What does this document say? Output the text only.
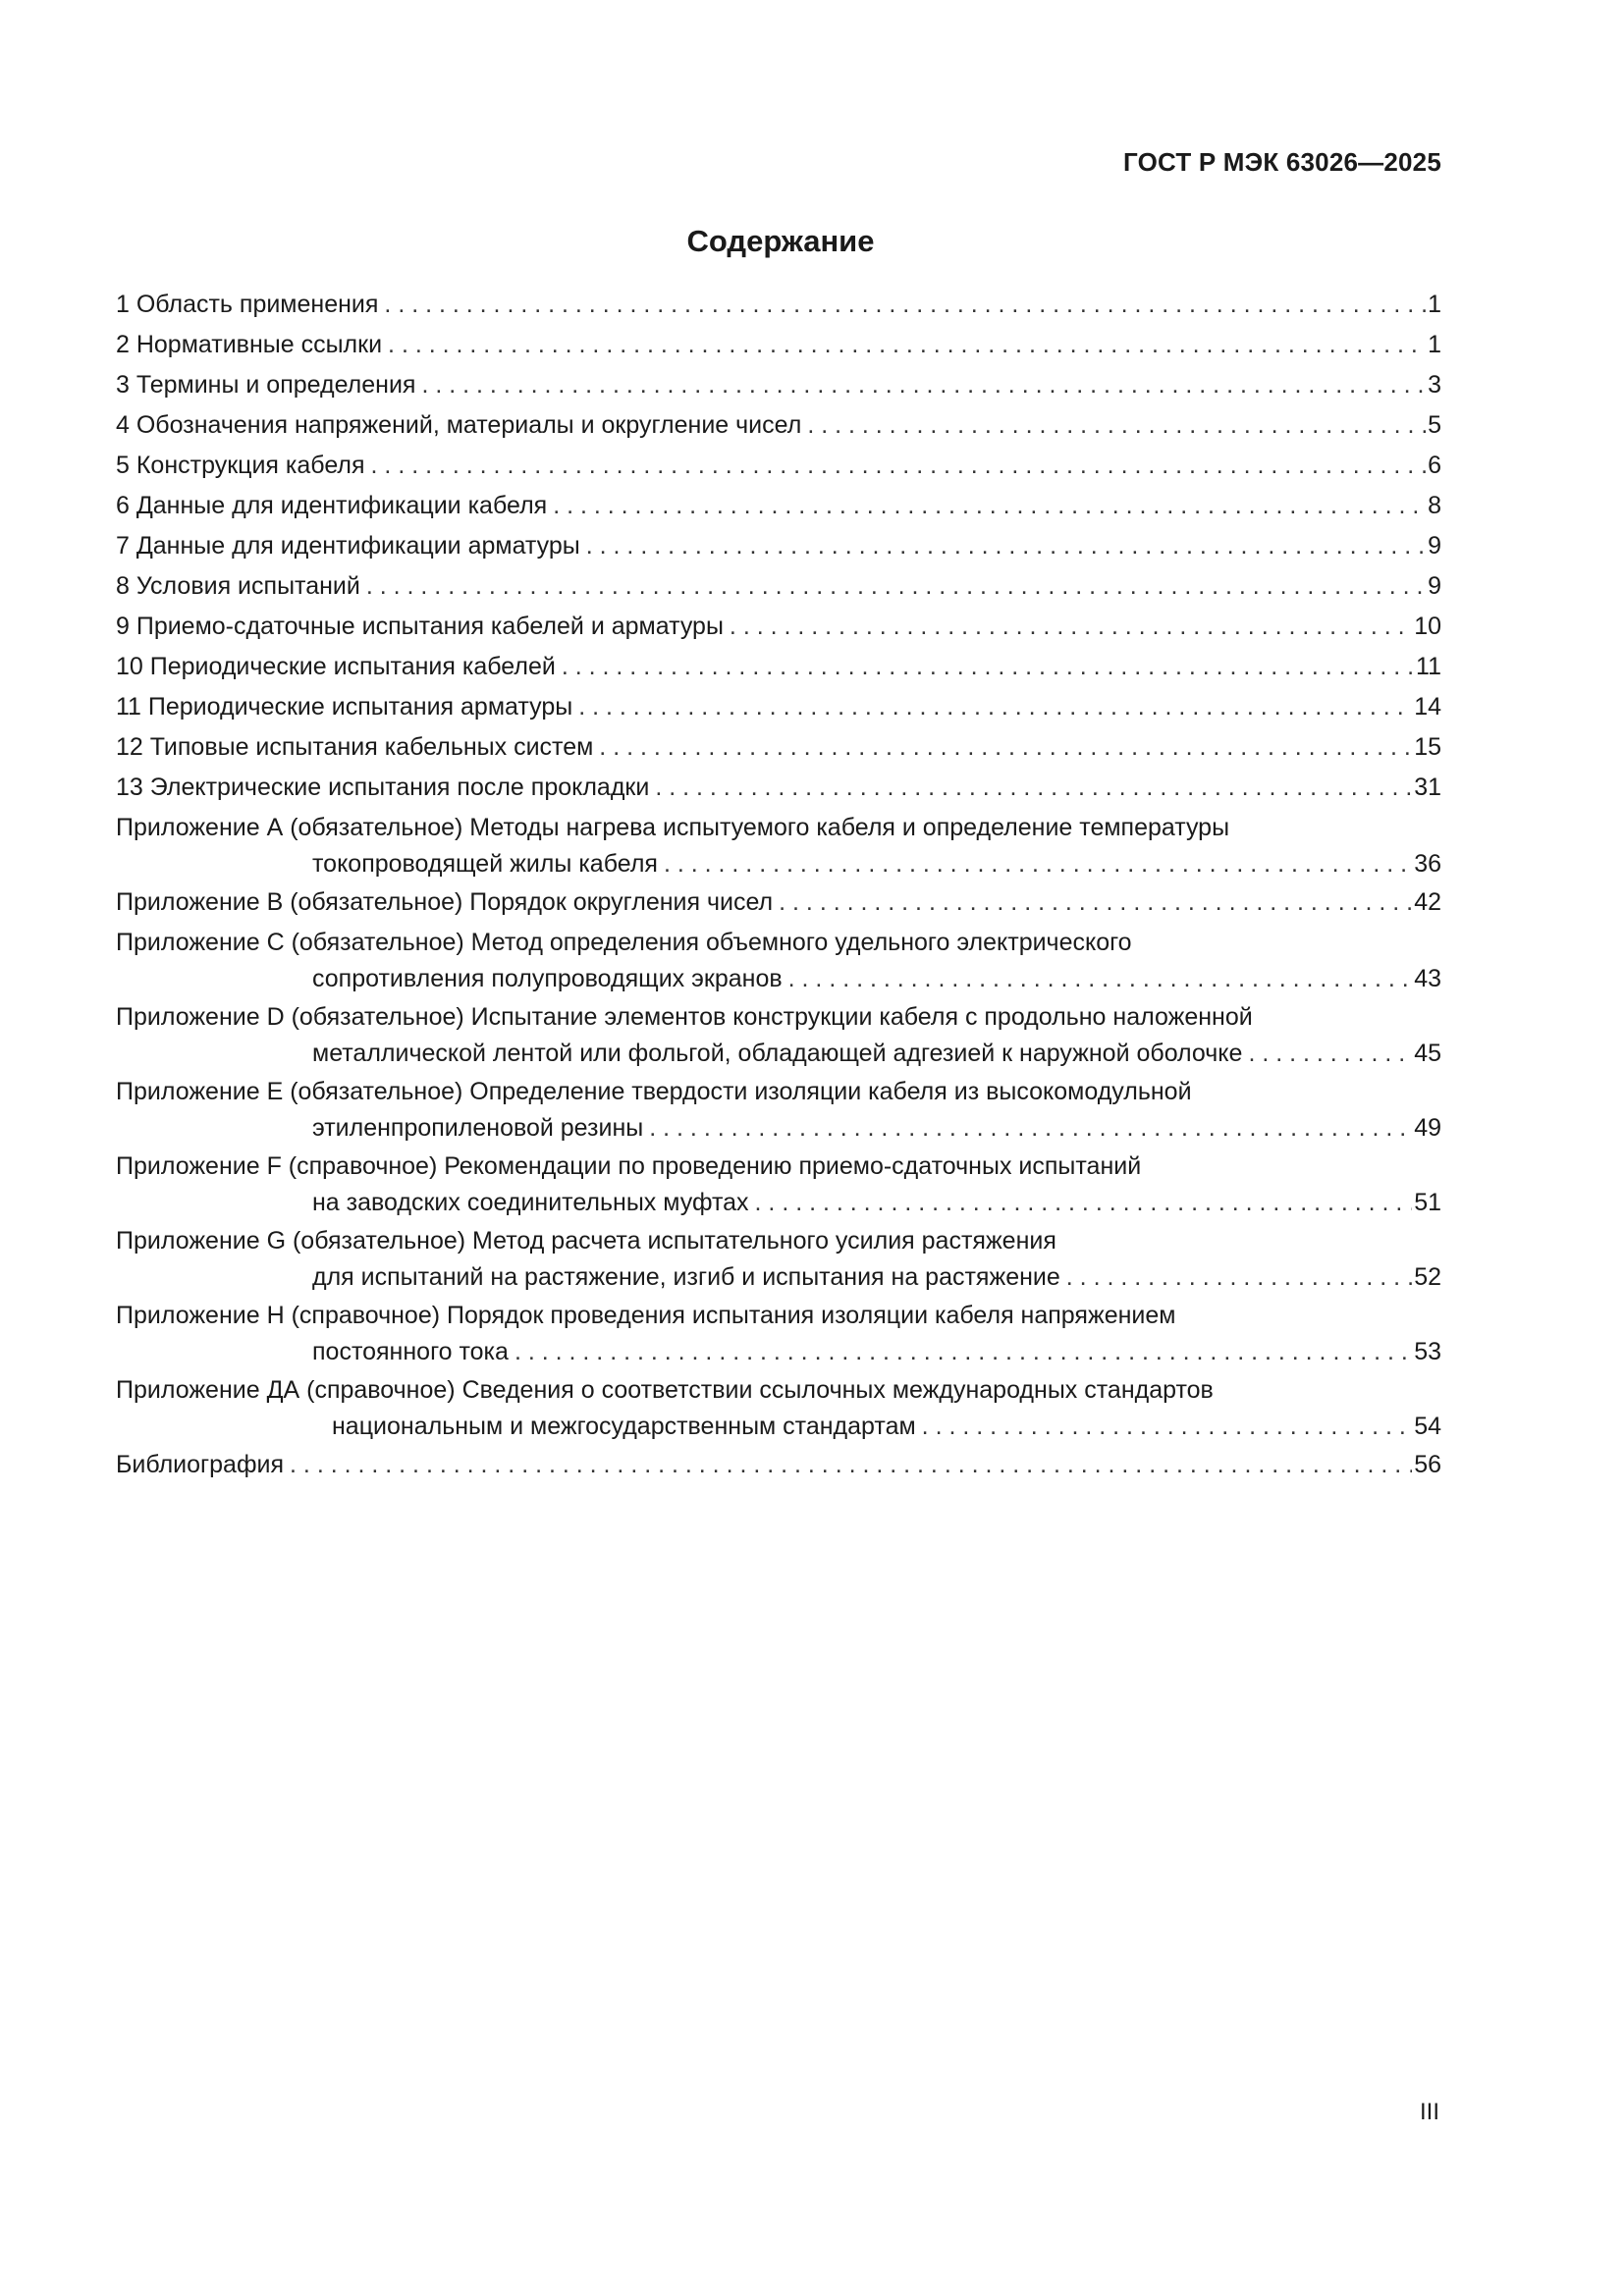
ГОСТ Р МЭК 63026—2025
Содержание
1 Область применения . . .	1
2 Нормативные ссылки . . .	1
3 Термины и определения . . .	3
4 Обозначения напряжений, материалы и округление чисел . . .	5
5 Конструкция кабеля . . .	6
6 Данные для идентификации кабеля . . .	8
7 Данные для идентификации арматуры . . .	9
8 Условия испытаний . . .	9
9 Приемо-сдаточные испытания кабелей и арматуры . . .	10
10 Периодические испытания кабелей . . .	11
11 Периодические испытания арматуры . . .	14
12 Типовые испытания кабельных систем . . .	15
13 Электрические испытания после прокладки . . .	31
Приложение А (обязательное) Методы нагрева испытуемого кабеля и определение температуры
токопроводящей жилы кабеля . . .	36
Приложение В (обязательное) Порядок округления чисел . . .	42
Приложение С (обязательное) Метод определения объемного удельного электрического
сопротивления полупроводящих экранов . . .	43
Приложение D (обязательное) Испытание элементов конструкции кабеля с продольно наложенной
металлической лентой или фольгой, обладающей адгезией к наружной оболочке . . .	45
Приложение Е (обязательное) Определение твердости изоляции кабеля из высокомодульной
этиленпропиленовой резины . . .	49
Приложение F (справочное) Рекомендации по проведению приемо-сдаточных испытаний
на заводских соединительных муфтах . . .	51
Приложение G (обязательное) Метод расчета испытательного усилия растяжения
для испытаний на растяжение, изгиб и испытания на растяжение . . .	52
Приложение Н (справочное) Порядок проведения испытания изоляции кабеля напряжением
постоянного тока . . .	53
Приложение ДА (справочное) Сведения о соответствии ссылочных международных стандартов
национальным и межгосударственным стандартам . . .	54
Библиография . . .	56
III
